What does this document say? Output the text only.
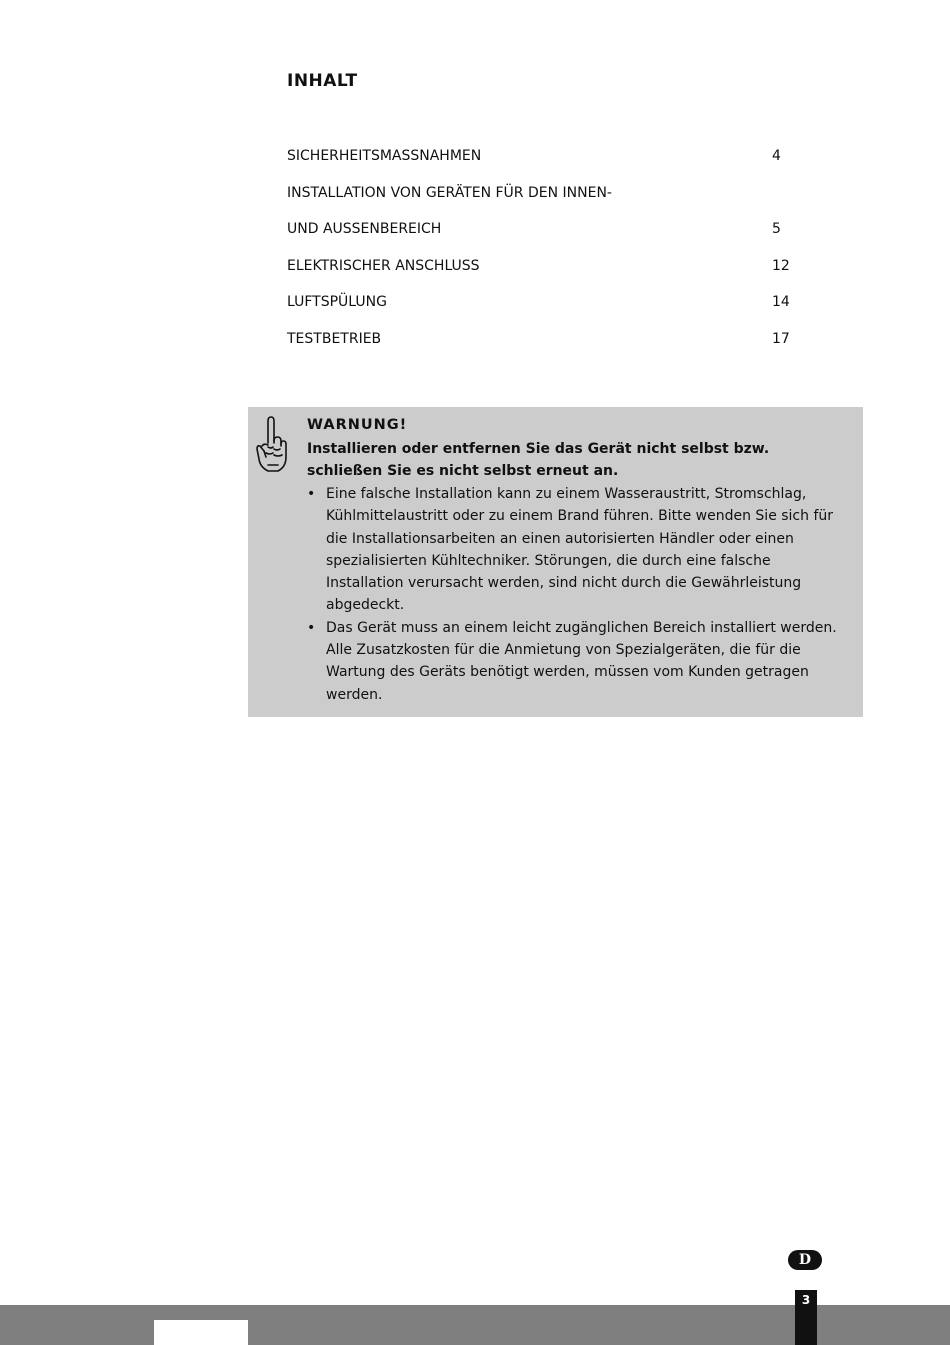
INHALT
SICHERHEITSMASSNAHMEN	4
INSTALLATION VON GERÄTEN FÜR DEN INNEN-
UND AUSSENBEREICH	5
ELEKTRISCHER ANSCHLUSS	12
LUFTSPÜLUNG	14
TESTBETRIEB	17
WARNUNG!
Installieren oder entfernen Sie das Gerät nicht selbst bzw. schließen Sie es nicht selbst erneut an.
• Eine falsche Installation kann zu einem Wasseraustritt, Stromschlag, Kühlmittelaustritt oder zu einem Brand führen. Bitte wenden Sie sich für die Installationsarbeiten an einen autorisierten Händler oder einen spezialisierten Kühltechniker. Störungen, die durch eine falsche Installation verursacht werden, sind nicht durch die Gewährleistung abgedeckt.
• Das Gerät muss an einem leicht zugänglichen Bereich installiert werden. Alle Zusatzkosten für die Anmietung von Spezialgeräten, die für die Wartung des Geräts benötigt werden, müssen vom Kunden getragen werden.
D
3
